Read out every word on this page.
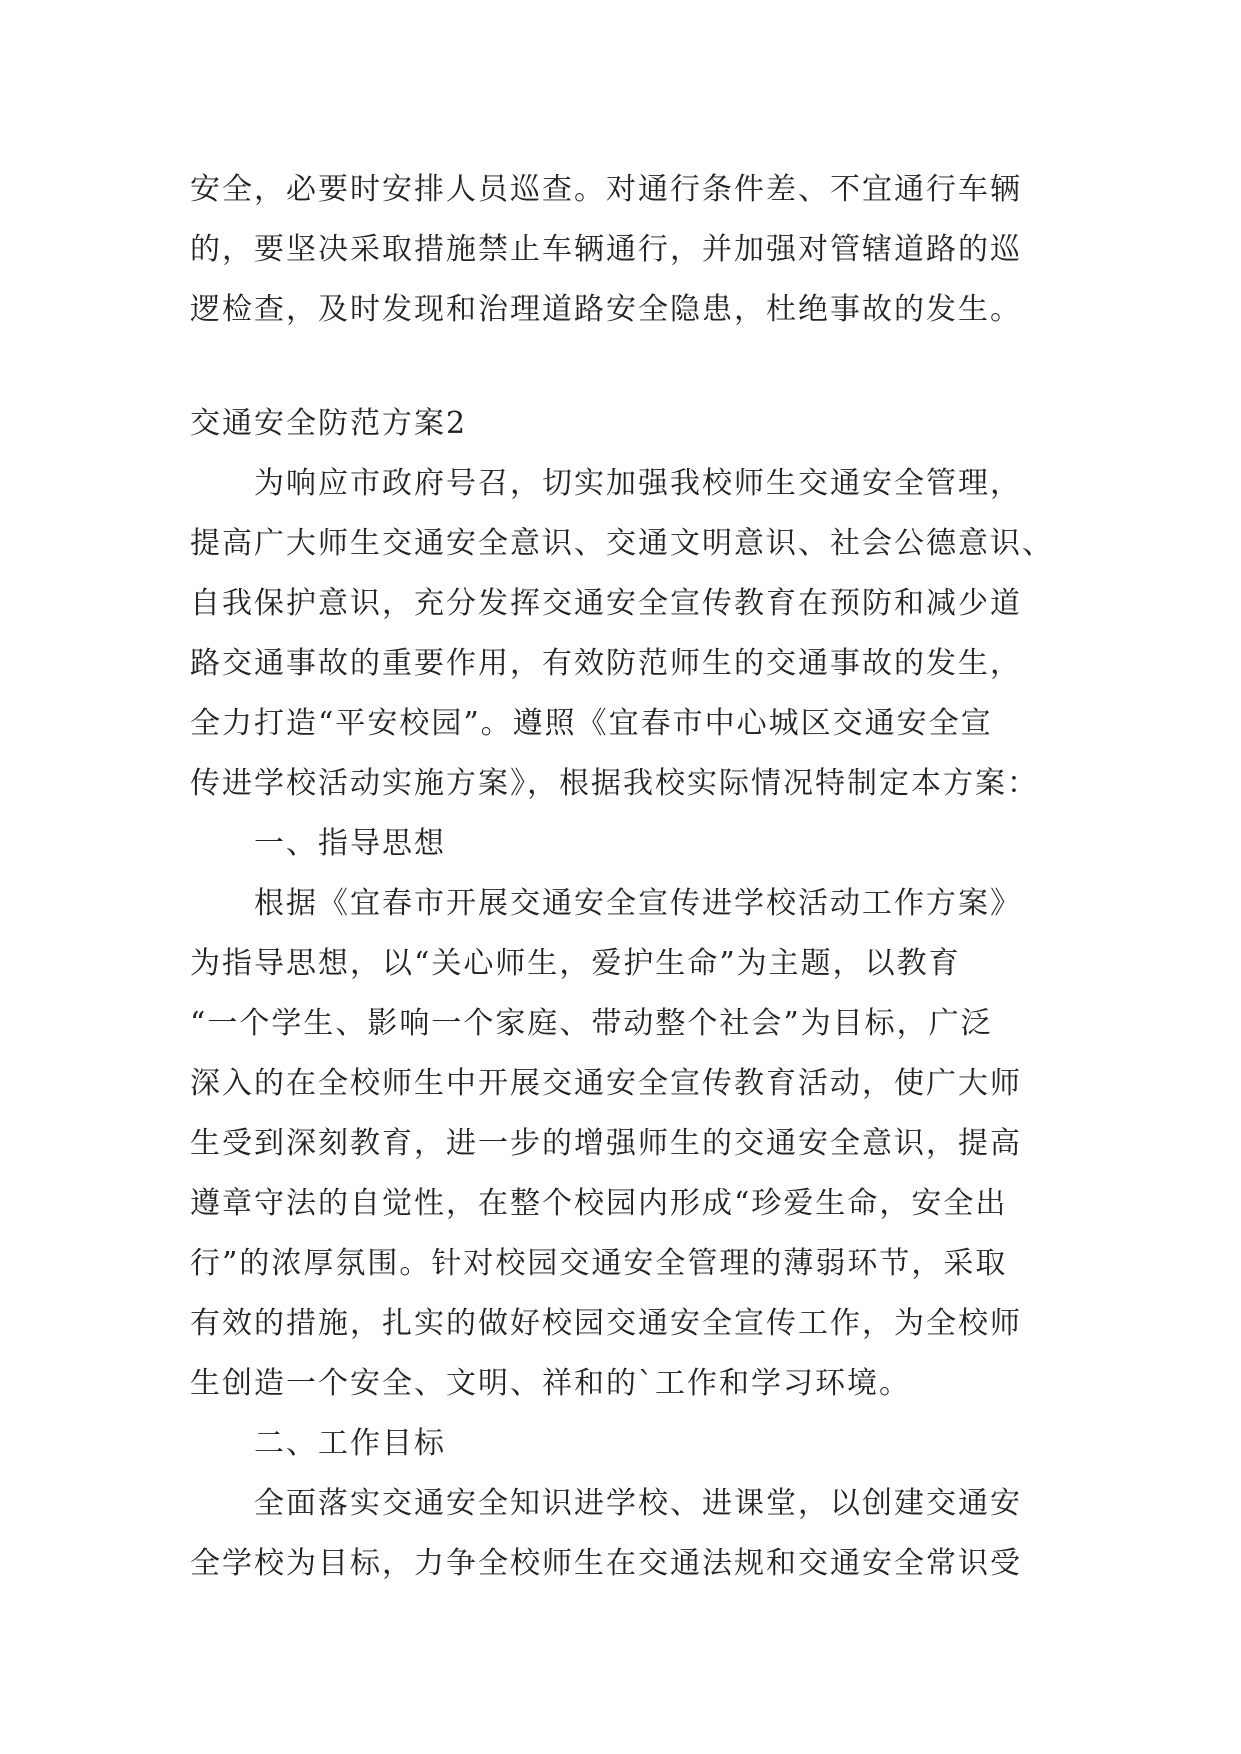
安全，必要时安排人员巡查。对通行条件差、不宜通行车辆
的，要坚决采取措施禁止车辆通行，并加强对管辖道路的巡
逻检查，及时发现和治理道路安全隐患，杜绝事故的发生。
交通安全防范方案2
为响应市政府号召，切实加强我校师生交通安全管理，
提高广大师生交通安全意识、交通文明意识、社会公德意识、
自我保护意识，充分发挥交通安全宣传教育在预防和减少道
路交通事故的重要作用，有效防范师生的交通事故的发生，
全力打造“平安校园”。遵照《宜春市中心城区交通安全宣
传进学校活动实施方案》，根据我校实际情况特制定本方案：
一、指导思想
根据《宜春市开展交通安全宣传进学校活动工作方案》
为指导思想，以“关心师生，爱护生命”为主题，以教育
“一个学生、影响一个家庭、带动整个社会”为目标，广泛
深入的在全校师生中开展交通安全宣传教育活动，使广大师
生受到深刻教育，进一步的增强师生的交通安全意识，提高
遵章守法的自觉性，在整个校园内形成“珍爱生命，安全出
行”的浓厚氛围。针对校园交通安全管理的薄弱环节，采取
有效的措施，扎实的做好校园交通安全宣传工作，为全校师
生创造一个安全、文明、祥和的`工作和学习环境。
二、工作目标
全面落实交通安全知识进学校、进课堂，以创建交通安
全学校为目标，力争全校师生在交通法规和交通安全常识受
